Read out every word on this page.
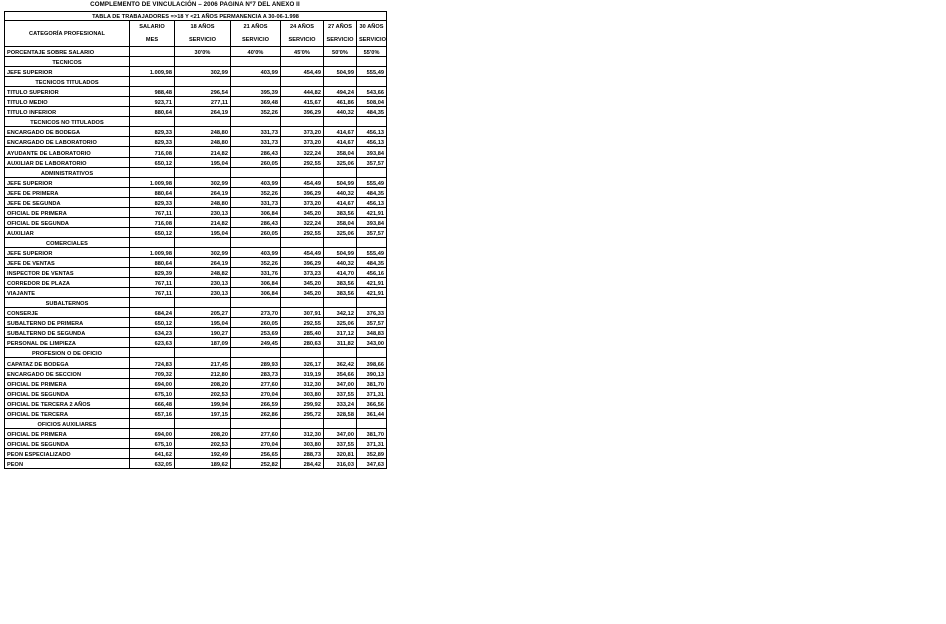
COMPLEMENTO DE VINCULACIÓN – 2006 PAGINA Nº7 DEL ANEXO II
TABLA DE TRABAJADORES =>18 Y <21 AÑOS PERMANENCIA A 30-06-1.998						
CATEGORÍA PROFESIONAL	SALARIO	18 AÑOS	21 AÑOS	24 AÑOS	27 AÑOS	30 AÑOS
	MES	SERVICIO	SERVICIO	SERVICIO	SERVICIO	SERVICIO
PORCENTAJE SOBRE SALARIO		30'0%	40'0%	45'0%	50'0%	55'0%
TECNICOS						
JEFE SUPERIOR	1.009,98	302,99	403,99	454,49	504,99	555,49
TECNICOS TITULADOS						
TITULO SUPERIOR	988,48	296,54	395,39	444,82	494,24	543,66
TITULO MEDIO	923,71	277,11	369,48	415,67	461,86	508,04
TITULO INFERIOR	880,64	264,19	352,26	396,29	440,32	484,35
TECNICOS NO TITULADOS						
ENCARGADO DE BODEGA	829,33	248,80	331,73	373,20	414,67	456,13
ENCARGADO DE LABORATORIO	829,33	248,80	331,73	373,20	414,67	456,13
AYUDANTE DE LABORATORIO	716,08	214,82	286,43	322,24	358,04	393,84
AUXILIAR DE LABORATORIO	650,12	195,04	260,05	292,55	325,06	357,57
ADMINISTRATIVOS						
JEFE SUPERIOR	1.009,98	302,99	403,99	454,49	504,99	555,49
JEFE DE PRIMERA	880,64	264,19	352,26	396,29	440,32	484,35
JEFE DE SEGUNDA	829,33	248,80	331,73	373,20	414,67	456,13
OFICIAL DE PRIMERA	767,11	230,13	306,84	345,20	383,56	421,91
OFICIAL DE SEGUNDA	716,08	214,82	286,43	322,24	358,04	393,84
AUXILIAR	650,12	195,04	260,05	292,55	325,06	357,57
COMERCIALES						
JEFE SUPERIOR	1.009,98	302,99	403,99	454,49	504,99	555,49
JEFE DE VENTAS	880,64	264,19	352,26	396,29	440,32	484,35
INSPECTOR DE VENTAS	829,39	248,82	331,76	373,23	414,70	456,16
CORREDOR DE PLAZA	767,11	230,13	306,84	345,20	383,56	421,91
VIAJANTE	767,11	230,13	306,84	345,20	383,56	421,91
SUBALTERNOS						
CONSERJE	684,24	205,27	273,70	307,91	342,12	376,33
SUBALTERNO DE PRIMERA	650,12	195,04	260,05	292,55	325,06	357,57
SUBALTERNO DE SEGUNDA	634,23	190,27	253,69	285,40	317,12	348,83
PERSONAL DE LIMPIEZA	623,63	187,09	249,45	280,63	311,82	343,00
PROFESION O DE OFICIO						
CAPATAZ DE BODEGA	724,83	217,45	289,93	326,17	362,42	398,66
ENCARGADO DE SECCION	709,32	212,80	283,73	319,19	354,66	390,13
OFICIAL DE PRIMERA	694,00	208,20	277,60	312,30	347,00	381,70
OFICIAL DE SEGUNDA	675,10	202,53	270,04	303,80	337,55	371,31
OFICIAL DE TERCERA 2 AÑOS	666,48	199,94	266,59	299,92	333,24	366,56
OFICIAL DE TERCERA	657,16	197,15	262,86	295,72	328,58	361,44
OFICIOS AUXILIARES						
OFICIAL DE PRIMERA	694,00	208,20	277,60	312,30	347,00	381,70
OFICIAL DE SEGUNDA	675,10	202,53	270,04	303,80	337,55	371,31
PEON ESPECIALIZADO	641,62	192,49	256,65	288,73	320,81	352,89
PEON	632,05	189,62	252,82	284,42	316,03	347,63
